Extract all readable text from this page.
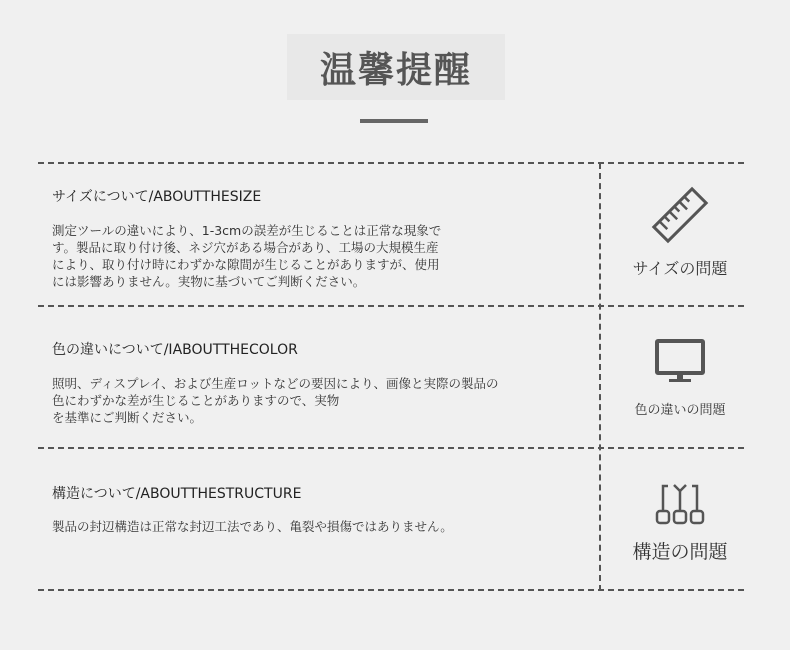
温馨提醒
サイズについて/ABOUTTHESIZE

測定ツールの違いにより、1-3cmの誤差が生じることは正常な現象で
す。製品に取り付け後、ネジ穴がある場合があり、工場の大規模生産
により、取り付け時にわずかな隙間が生じることがありますが、使用
には影響ありません。実物に基づいてご判断ください。

サイズの問題
色の違いについて/IABOUTTHECOLOR

照明、ディスプレイ、および生産ロットなどの要因により、画像と実際の製品の
色にわずかな差が生じることがありますので、実物
を基準にご判断ください。	色の違いの問題
構造について/ABOUTTHESTRUCTURE

製品の封辺構造は正常な封辺工法であり、亀裂や損傷ではありません。

構造の問題
